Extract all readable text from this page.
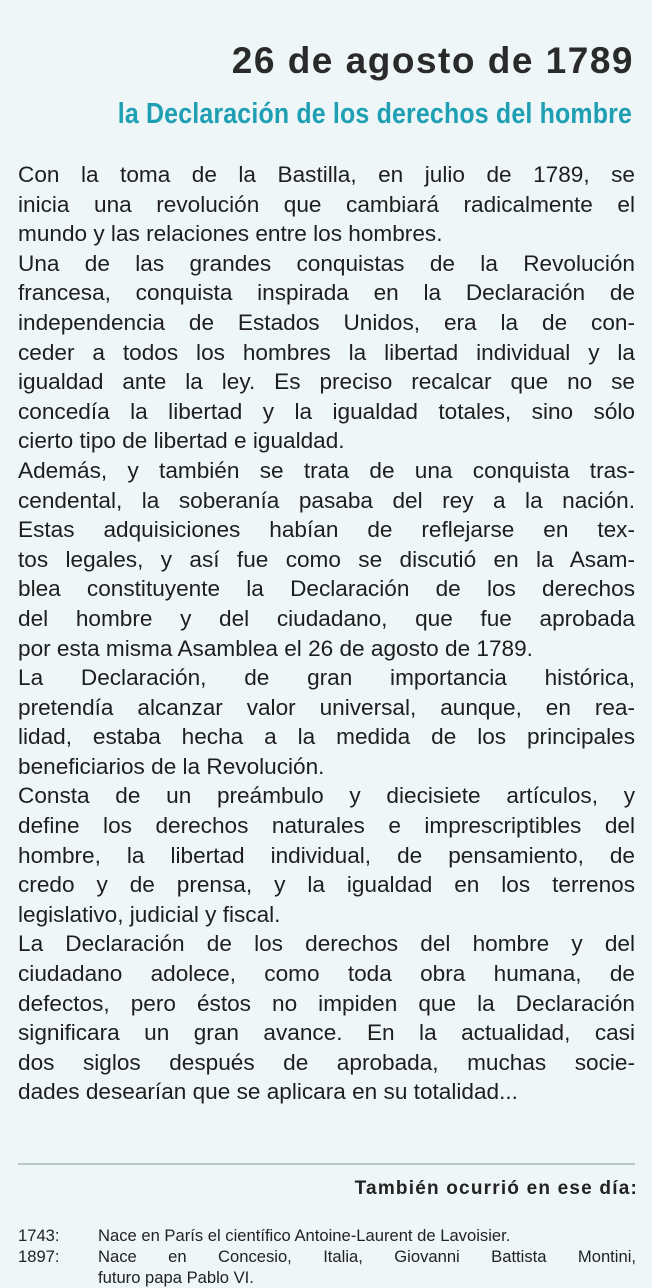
26 de agosto de 1789
la Declaración de los derechos del hombre
Con la toma de la Bastilla, en julio de 1789, se
inicia una revolución que cambiará radicalmente el
mundo y las relaciones entre los hombres.
Una de las grandes conquistas de la Revolución
francesa, conquista inspirada en la Declaración de
independencia de Estados Unidos, era la de con-
ceder a todos los hombres la libertad individual y la
igualdad ante la ley. Es preciso recalcar que no se
concedía la libertad y la igualdad totales, sino sólo
cierto tipo de libertad e igualdad.
Además, y también se trata de una conquista tras-
cendental, la soberanía pasaba del rey a la nación.
Estas adquisiciones habían de reflejarse en tex-
tos legales, y así fue como se discutió en la Asam-
blea constituyente la Declaración de los derechos
del hombre y del ciudadano, que fue aprobada
por esta misma Asamblea el 26 de agosto de 1789.
La Declaración, de gran importancia histórica,
pretendía alcanzar valor universal, aunque, en rea-
lidad, estaba hecha a la medida de los principales
beneficiarios de la Revolución.
Consta de un preámbulo y diecisiete artículos, y
define los derechos naturales e imprescriptibles del
hombre, la libertad individual, de pensamiento, de
credo y de prensa, y la igualdad en los terrenos
legislativo, judicial y fiscal.
La Declaración de los derechos del hombre y del
ciudadano adolece, como toda obra humana, de
defectos, pero éstos no impiden que la Declaración
significara un gran avance. En la actualidad, casi
dos siglos después de aprobada, muchas socie-
dades desearían que se aplicara en su totalidad...
También ocurrió en ese día:
1743:	Nace en París el científico Antoine-Laurent de Lavoisier.
1897:	Nace en Concesio, Italia, Giovanni Battista Montini,
futuro papa Pablo VI.
